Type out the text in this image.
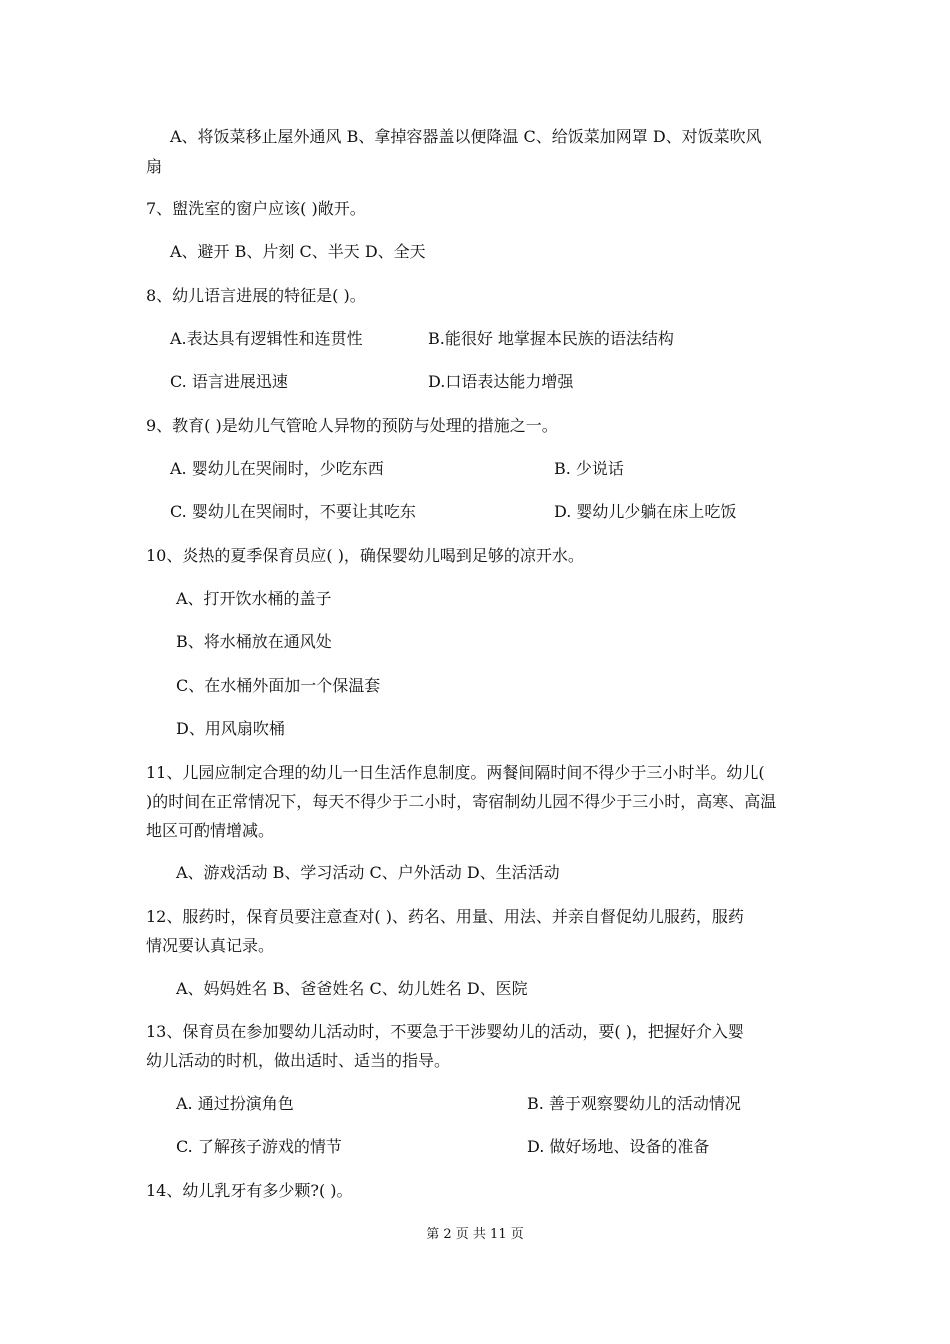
A、将饭菜移止屋外通风 B、拿掉容器盖以便降温 C、给饭菜加网罩 D、对饭菜吹风
扇
7、盥洗室的窗户应该( )敞开。
A、避开 B、片刻 C、半天 D、全天
8、幼儿语言进展的特征是( )。
A.表达具有逻辑性和连贯性	B.能很好 地掌握本民族的语法结构
C. 语言进展迅速	D.口语表达能力增强
9、教育( )是幼儿气管呛人异物的预防与处理的措施之一。
A. 婴幼儿在哭闹时，少吃东西	B. 少说话
C. 婴幼儿在哭闹时，不要让其吃东	D. 婴幼儿少躺在床上吃饭
10、炎热的夏季保育员应( )，确保婴幼儿喝到足够的凉开水。
A、打开饮水桶的盖子
B、将水桶放在通风处
C、在水桶外面加一个保温套
D、用风扇吹桶
11、儿园应制定合理的幼儿一日生活作息制度。两餐间隔时间不得少于三小时半。幼儿(
)的时间在正常情况下，每天不得少于二小时，寄宿制幼儿园不得少于三小时，高寒、高温
地区可酌情增减。
A、游戏活动 B、学习活动 C、户外活动 D、生活活动
12、服药时，保育员要注意查对( )、药名、用量、用法、并亲自督促幼儿服药，服药
情况要认真记录。
A、妈妈姓名 B、爸爸姓名 C、幼儿姓名 D、医院
13、保育员在参加婴幼儿活动时，不要急于干涉婴幼儿的活动，要( )，把握好介入婴
幼儿活动的时机，做出适时、适当的指导。
A. 通过扮演角色	B. 善于观察婴幼儿的活动情况
C. 了解孩子游戏的情节	D. 做好场地、设备的准备
14、幼儿乳牙有多少颗?( )。
第 2 页 共 11 页
